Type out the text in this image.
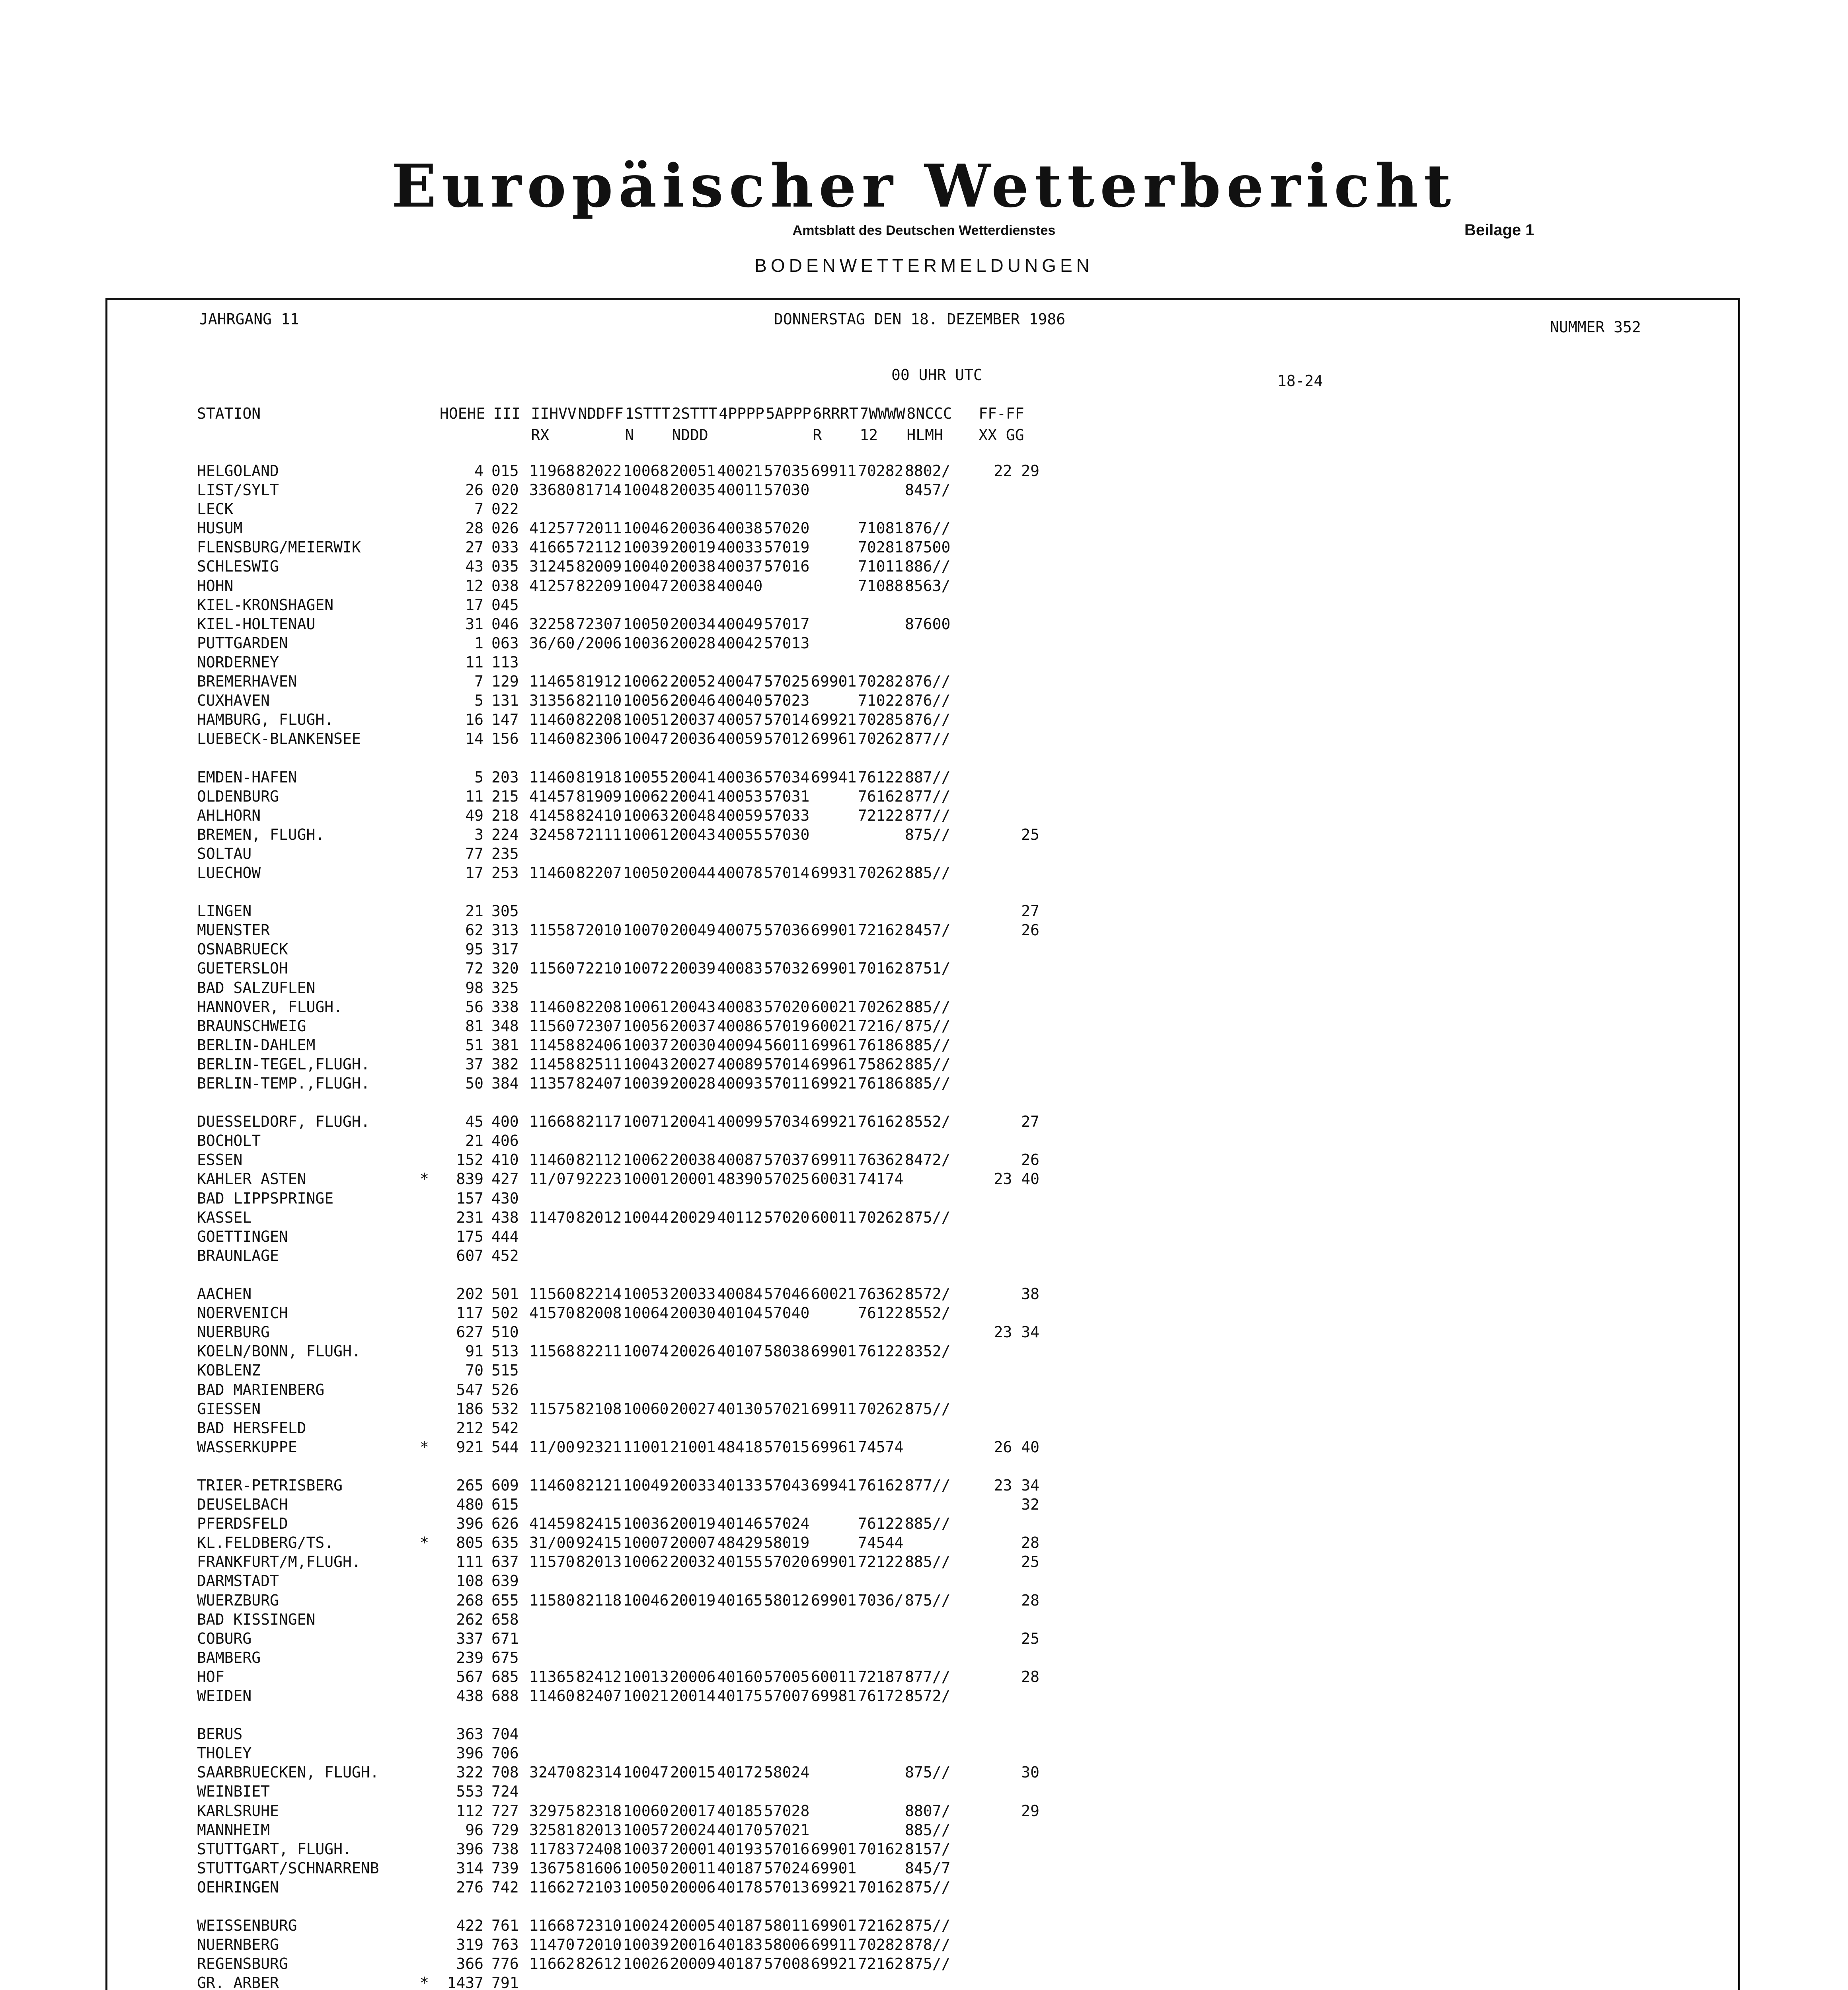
Europäischer Wetterbericht
Amtsblatt des Deutschen Wetterdienstes	Beilage 1
BODENWETTERMELDUNGEN
JAHRGANG 11	DONNERSTAG DEN 18. DEZEMBER 1986	NUMMER 352
00 UHR UTC	18-24
STATION		HOEHE	III	IIHVV	NDDFF	1STTT	2STTT	4PPPP	5APPP	6RRRT	7WWWW	8NCCC	FF-FF
				RX		N	NDDD			R	12	HLMH	XX GG
HELGOLAND		4	015	11968	82022	10068	20051	40021	57035	69911	70282	8802/	22 29
LIST/SYLT		26	020	33680	81714	10048	20035	40011	57030			8457/	
LECK		7	022										
HUSUM		28	026	41257	72011	10046	20036	40038	57020		71081	876//	
FLENSBURG/MEIERWIK		27	033	41665	72112	10039	20019	40033	57019		70281	87500	
SCHLESWIG		43	035	31245	82009	10040	20038	40037	57016		71011	886//	
HOHN		12	038	41257	82209	10047	20038	40040			71088	8563/	
KIEL-KRONSHAGEN		17	045										
KIEL-HOLTENAU		31	046	32258	72307	10050	20034	40049	57017			87600	
PUTTGARDEN		1	063	36/60	/2006	10036	20028	40042	57013				
NORDERNEY		11	113										
BREMERHAVEN		7	129	11465	81912	10062	20052	40047	57025	69901	70282	876//	
CUXHAVEN		5	131	31356	82110	10056	20046	40040	57023		71022	876//	
HAMBURG, FLUGH.		16	147	11460	82208	10051	20037	40057	57014	69921	70285	876//	
LUEBECK-BLANKENSEE		14	156	11460	82306	10047	20036	40059	57012	69961	70262	877//	

EMDEN-HAFEN		5	203	11460	81918	10055	20041	40036	57034	69941	76122	887//	
OLDENBURG		11	215	41457	81909	10062	20041	40053	57031		76162	877//	
AHLHORN		49	218	41458	82410	10063	20048	40059	57033		72122	877//	
BREMEN, FLUGH.		3	224	32458	72111	10061	20043	40055	57030			875//	25
SOLTAU		77	235										
LUECHOW		17	253	11460	82207	10050	20044	40078	57014	69931	70262	885//	

LINGEN		21	305										27
MUENSTER		62	313	11558	72010	10070	20049	40075	57036	69901	72162	8457/	26
OSNABRUECK		95	317										
GUETERSLOH		72	320	11560	72210	10072	20039	40083	57032	69901	70162	8751/	
BAD SALZUFLEN		98	325										
HANNOVER, FLUGH.		56	338	11460	82208	10061	20043	40083	57020	60021	70262	885//	
BRAUNSCHWEIG		81	348	11560	72307	10056	20037	40086	57019	60021	7216/	875//	
BERLIN-DAHLEM		51	381	11458	82406	10037	20030	40094	56011	69961	76186	885//	
BERLIN-TEGEL,FLUGH.		37	382	11458	82511	10043	20027	40089	57014	69961	75862	885//	
BERLIN-TEMP.,FLUGH.		50	384	11357	82407	10039	20028	40093	57011	69921	76186	885//	

DUESSELDORF, FLUGH.		45	400	11668	82117	10071	20041	40099	57034	69921	76162	8552/	27
BOCHOLT		21	406										
ESSEN		152	410	11460	82112	10062	20038	40087	57037	69911	76362	8472/	26
KAHLER ASTEN	*	839	427	11/07	92223	10001	20001	48390	57025	60031	74174		23 40
BAD LIPPSPRINGE		157	430										
KASSEL		231	438	11470	82012	10044	20029	40112	57020	60011	70262	875//	
GOETTINGEN		175	444										
BRAUNLAGE		607	452										

AACHEN		202	501	11560	82214	10053	20033	40084	57046	60021	76362	8572/	38
NOERVENICH		117	502	41570	82008	10064	20030	40104	57040		76122	8552/	
NUERBURG		627	510										23 34
KOELN/BONN, FLUGH.		91	513	11568	82211	10074	20026	40107	58038	69901	76122	8352/	
KOBLENZ		70	515										
BAD MARIENBERG		547	526										
GIESSEN		186	532	11575	82108	10060	20027	40130	57021	69911	70262	875//	
BAD HERSFELD		212	542										
WASSERKUPPE	*	921	544	11/00	92321	11001	21001	48418	57015	69961	74574		26 40

TRIER-PETRISBERG		265	609	11460	82121	10049	20033	40133	57043	69941	76162	877//	23 34
DEUSELBACH		480	615										32
PFERDSFELD		396	626	41459	82415	10036	20019	40146	57024		76122	885//	
KL.FELDBERG/TS.	*	805	635	31/00	92415	10007	20007	48429	58019		74544		28
FRANKFURT/M,FLUGH.		111	637	11570	82013	10062	20032	40155	57020	69901	72122	885//	25
DARMSTADT		108	639										
WUERZBURG		268	655	11580	82118	10046	20019	40165	58012	69901	7036/	875//	28
BAD KISSINGEN		262	658										
COBURG		337	671										25
BAMBERG		239	675										
HOF		567	685	11365	82412	10013	20006	40160	57005	60011	72187	877//	28
WEIDEN		438	688	11460	82407	10021	20014	40175	57007	69981	76172	8572/	

BERUS		363	704										
THOLEY		396	706										
SAARBRUECKEN, FLUGH.		322	708	32470	82314	10047	20015	40172	58024			875//	30
WEINBIET		553	724										
KARLSRUHE		112	727	32975	82318	10060	20017	40185	57028			8807/	29
MANNHEIM		96	729	32581	82013	10057	20024	40170	57021			885//	
STUTTGART, FLUGH.		396	738	11783	72408	10037	20001	40193	57016	69901	70162	8157/	
STUTTGART/SCHNARRENB		314	739	13675	81606	10050	20011	40187	57024	69901		845/7	
OEHRINGEN		276	742	11662	72103	10050	20006	40178	57013	69921	70162	875//	

WEISSENBURG		422	761	11668	72310	10024	20005	40187	58011	69901	72162	875//	
NUERNBERG		319	763	11470	72010	10039	20016	40183	58006	69911	70282	878//	
REGENSBURG		366	776	11662	82612	10026	20009	40187	57008	69921	72162	875//	
GR. ARBER	*	1437	791										
